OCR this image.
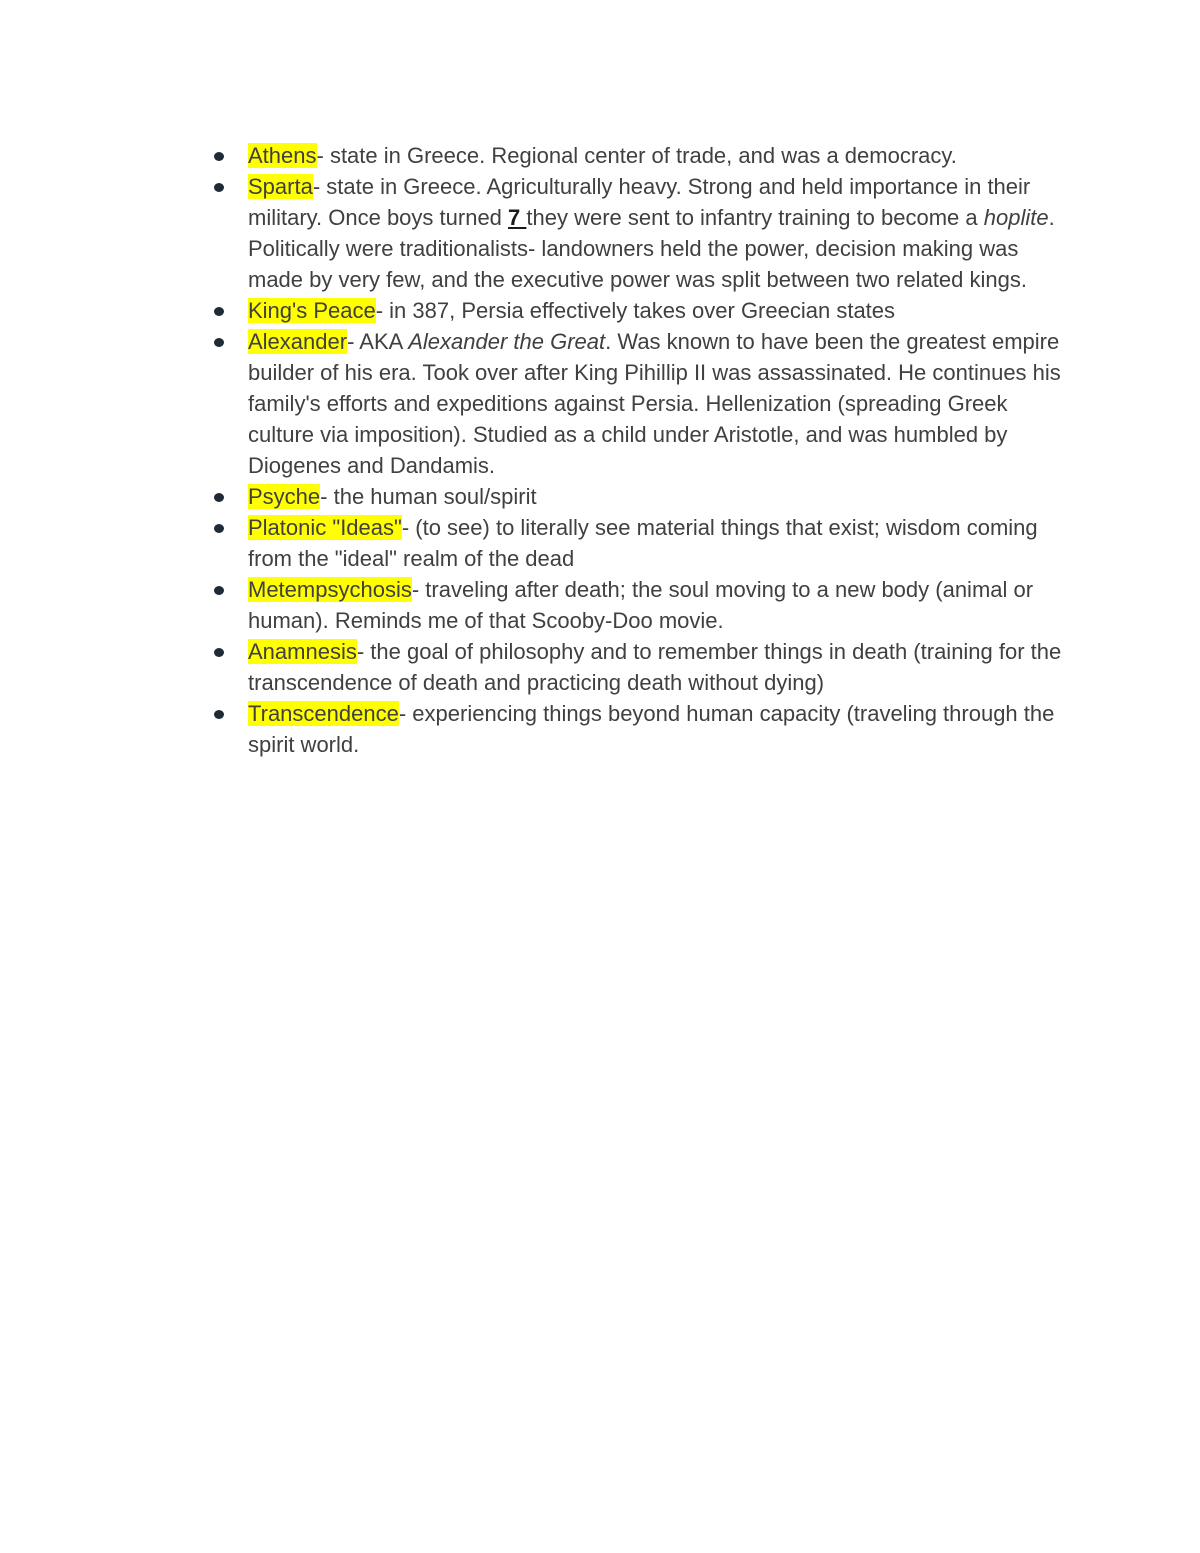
Athens- state in Greece. Regional center of trade, and was a democracy.
Sparta- state in Greece. Agriculturally heavy. Strong and held importance in their military. Once boys turned 7 they were sent to infantry training to become a hoplite. Politically were traditionalists- landowners held the power, decision making was made by very few, and the executive power was split between two related kings.
King's Peace- in 387, Persia effectively takes over Greecian states
Alexander- AKA Alexander the Great. Was known to have been the greatest empire builder of his era. Took over after King Pihillip II was assassinated. He continues his family's efforts and expeditions against Persia. Hellenization (spreading Greek culture via imposition). Studied as a child under Aristotle, and was humbled by Diogenes and Dandamis.
Psyche- the human soul/spirit
Platonic "Ideas"- (to see) to literally see material things that exist; wisdom coming from the "ideal" realm of the dead
Metempsychosis- traveling after death; the soul moving to a new body (animal or human). Reminds me of that Scooby-Doo movie.
Anamnesis- the goal of philosophy and to remember things in death (training for the transcendence of death and practicing death without dying)
Transcendence- experiencing things beyond human capacity (traveling through the spirit world.
